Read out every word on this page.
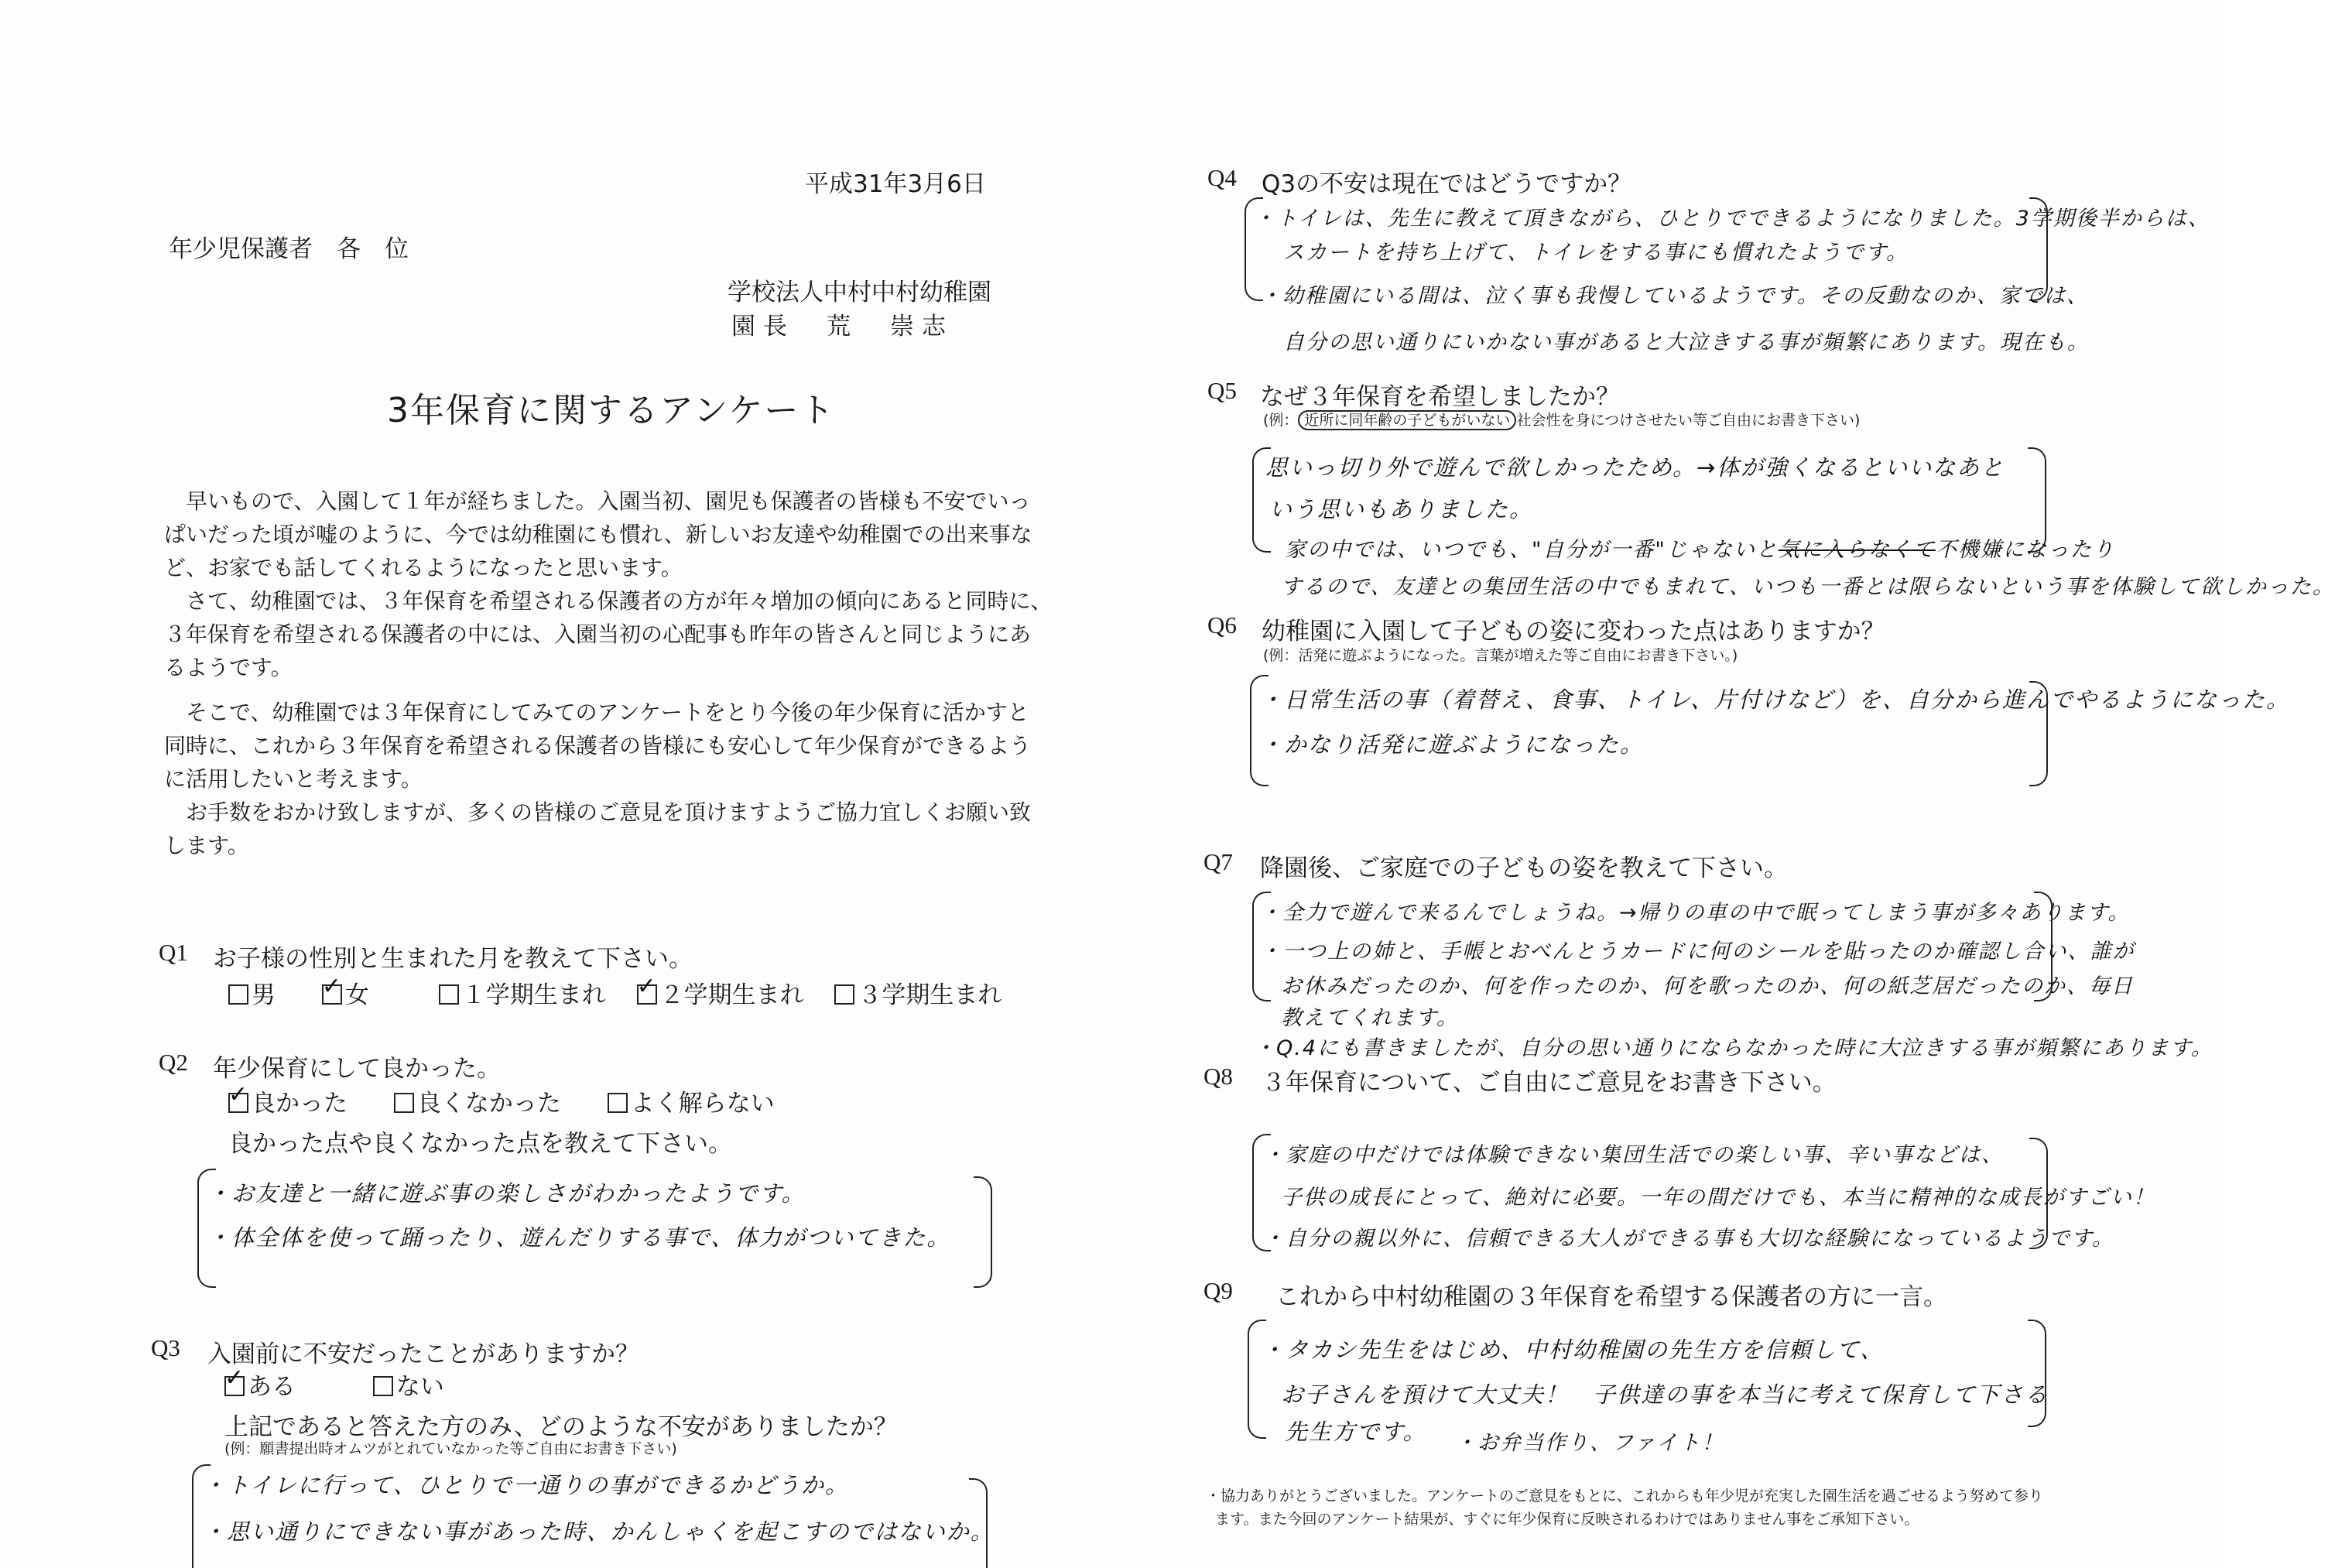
平成31年3月6日
年少児保護者　各　位
学校法人中村中村幼稚園
園長　荒　崇志
3年保育に関するアンケート
早いもので、入園して１年が経ちました。入園当初、園児も保護者の皆様も不安でいっ
ぱいだった頃が嘘のように、今では幼稚園にも慣れ、新しいお友達や幼稚園での出来事な
ど、お家でも話してくれるようになったと思います。
さて、幼稚園では、３年保育を希望される保護者の方が年々増加の傾向にあると同時に、
３年保育を希望される保護者の中には、入園当初の心配事も昨年の皆さんと同じようにあ
るようです。
そこで、幼稚園では３年保育にしてみてのアンケートをとり今後の年少保育に活かすと
同時に、これから３年保育を希望される保護者の皆様にも安心して年少保育ができるよう
に活用したいと考えます。
お手数をおかけ致しますが、多くの皆様のご意見を頂けますようご協力宜しくお願い致
します。
Q1 お子様の性別と生まれた月を教えて下さい。
男 ✓	女	１学期生まれ ✓ ２学期生まれ ３学期生まれ
Q2 年少保育にして良かった。
✓良かった	良くなかった	よく解らない
良かった点や良くなかった点を教えて下さい。
・お友達と一緒に遊ぶ事の楽しさがわかったようです。
・体全体を使って踊ったり、遊んだりする事で、体力がついてきた。
Q3 入園前に不安だったことがありますか？
✓ある	ない
上記であると答えた方のみ、どのような不安がありましたか？
(例：願書提出時オムツがとれていなかった等ご自由にお書き下さい)
・トイレに行って、ひとりで一通りの事ができるかどうか。
・思い通りにできない事があった時、かんしゃくを起こすのではないか。
Q4 Q3の不安は現在ではどうですか？
・トイレは、先生に教えて頂きながら、ひとりでできるようになりました。3学期後半からは、
スカートを持ち上げて、トイレをする事にも慣れたようです。
・幼稚園にいる間は、泣く事も我慢しているようです。その反動なのか、家では、
自分の思い通りにいかない事があると大泣きする事が頻繁にあります。現在も。
Q5 なぜ３年保育を希望しましたか？
(例： 近所に同年齢の子どもがいない 社会性を身につけさせたい等ご自由にお書き下さい)
思いっ切り外で遊んで欲しかったため。→体が強くなるといいなあと
いう思いもありました。
家の中では、いつでも、"自分が一番"じゃないと気に入らなくて不機嫌になったり
するので、友達との集団生活の中でもまれて、いつも一番とは限らないという事を体験して欲しかった。
Q6 幼稚園に入園して子どもの姿に変わった点はありますか？
(例：活発に遊ぶようになった。言葉が増えた等ご自由にお書き下さい。)
・日常生活の事（着替え、食事、トイレ、片付けなど）を、自分から進んでやるようになった。
・かなり活発に遊ぶようになった。
Q7 降園後、ご家庭での子どもの姿を教えて下さい。
・全力で遊んで来るんでしょうね。→帰りの車の中で眠ってしまう事が多々あります。
・一つ上の姉と、手帳とおべんとうカードに何のシールを貼ったのか確認し合い、誰が
お休みだったのか、何を作ったのか、何を歌ったのか、何の紙芝居だったのか、毎日
教えてくれます。
・Q.4にも書きましたが、自分の思い通りにならなかった時に大泣きする事が頻繁にあります。
Q8 ３年保育について、ご自由にご意見をお書き下さい。
・家庭の中だけでは体験できない集団生活での楽しい事、辛い事などは、
子供の成長にとって、絶対に必要。一年の間だけでも、本当に精神的な成長がすごい！
・自分の親以外に、信頼できる大人ができる事も大切な経験になっているようです。
Q9 これから中村幼稚園の３年保育を希望する保護者の方に一言。
・タカシ先生をはじめ、中村幼稚園の先生方を信頼して、
お子さんを預けて大丈夫！　子供達の事を本当に考えて保育して下さる
先生方です。 ・お弁当作り、ファイト！
・協力ありがとうございました。アンケートのご意見をもとに、これからも年少児が充実した園生活を過ごせるよう努めて参り
ます。また今回のアンケート結果が、すぐに年少保育に反映されるわけではありません事をご承知下さい。
